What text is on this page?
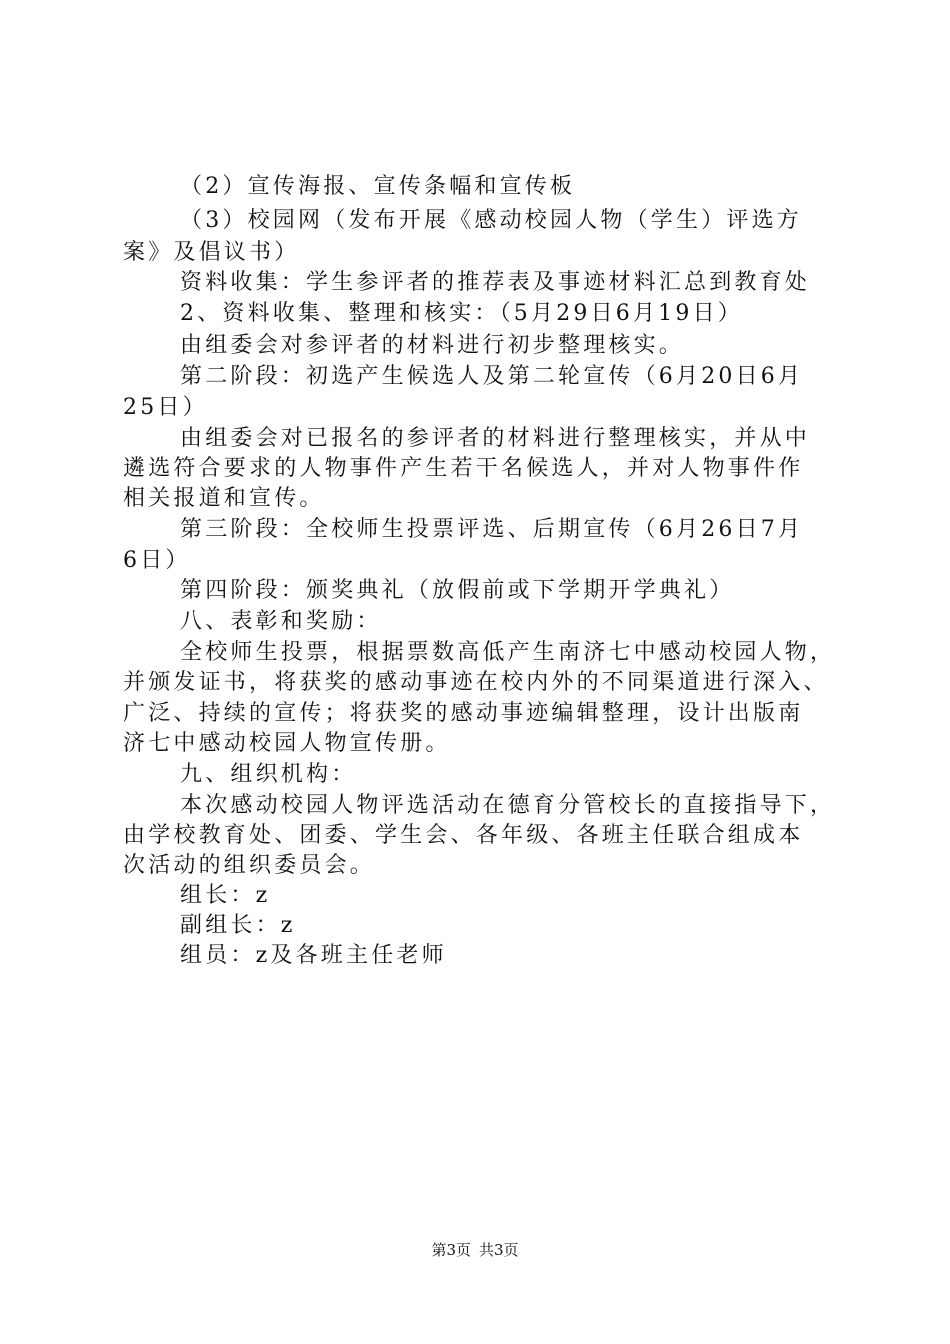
（2）宣传海报、宣传条幅和宣传板
（3）校园网（发布开展《感动校园人物（学生）评选方
案》及倡议书）
资料收集：学生参评者的推荐表及事迹材料汇总到教育处
2、资料收集、整理和核实：（5月29日6月19日）
由组委会对参评者的材料进行初步整理核实。
第二阶段：初选产生候选人及第二轮宣传（6月20日6月
25日）
由组委会对已报名的参评者的材料进行整理核实，并从中
遴选符合要求的人物事件产生若干名候选人，并对人物事件作
相关报道和宣传。
第三阶段：全校师生投票评选、后期宣传（6月26日7月
6日）
第四阶段：颁奖典礼（放假前或下学期开学典礼）
八、表彰和奖励：
全校师生投票，根据票数高低产生南济七中感动校园人物，
并颁发证书，将获奖的感动事迹在校内外的不同渠道进行深入、
广泛、持续的宣传；将获奖的感动事迹编辑整理，设计出版南
济七中感动校园人物宣传册。
九、组织机构：
本次感动校园人物评选活动在德育分管校长的直接指导下，
由学校教育处、团委、学生会、各年级、各班主任联合组成本
次活动的组织委员会。
组长：z
副组长：z
组员：z及各班主任老师
第3页 共3页
